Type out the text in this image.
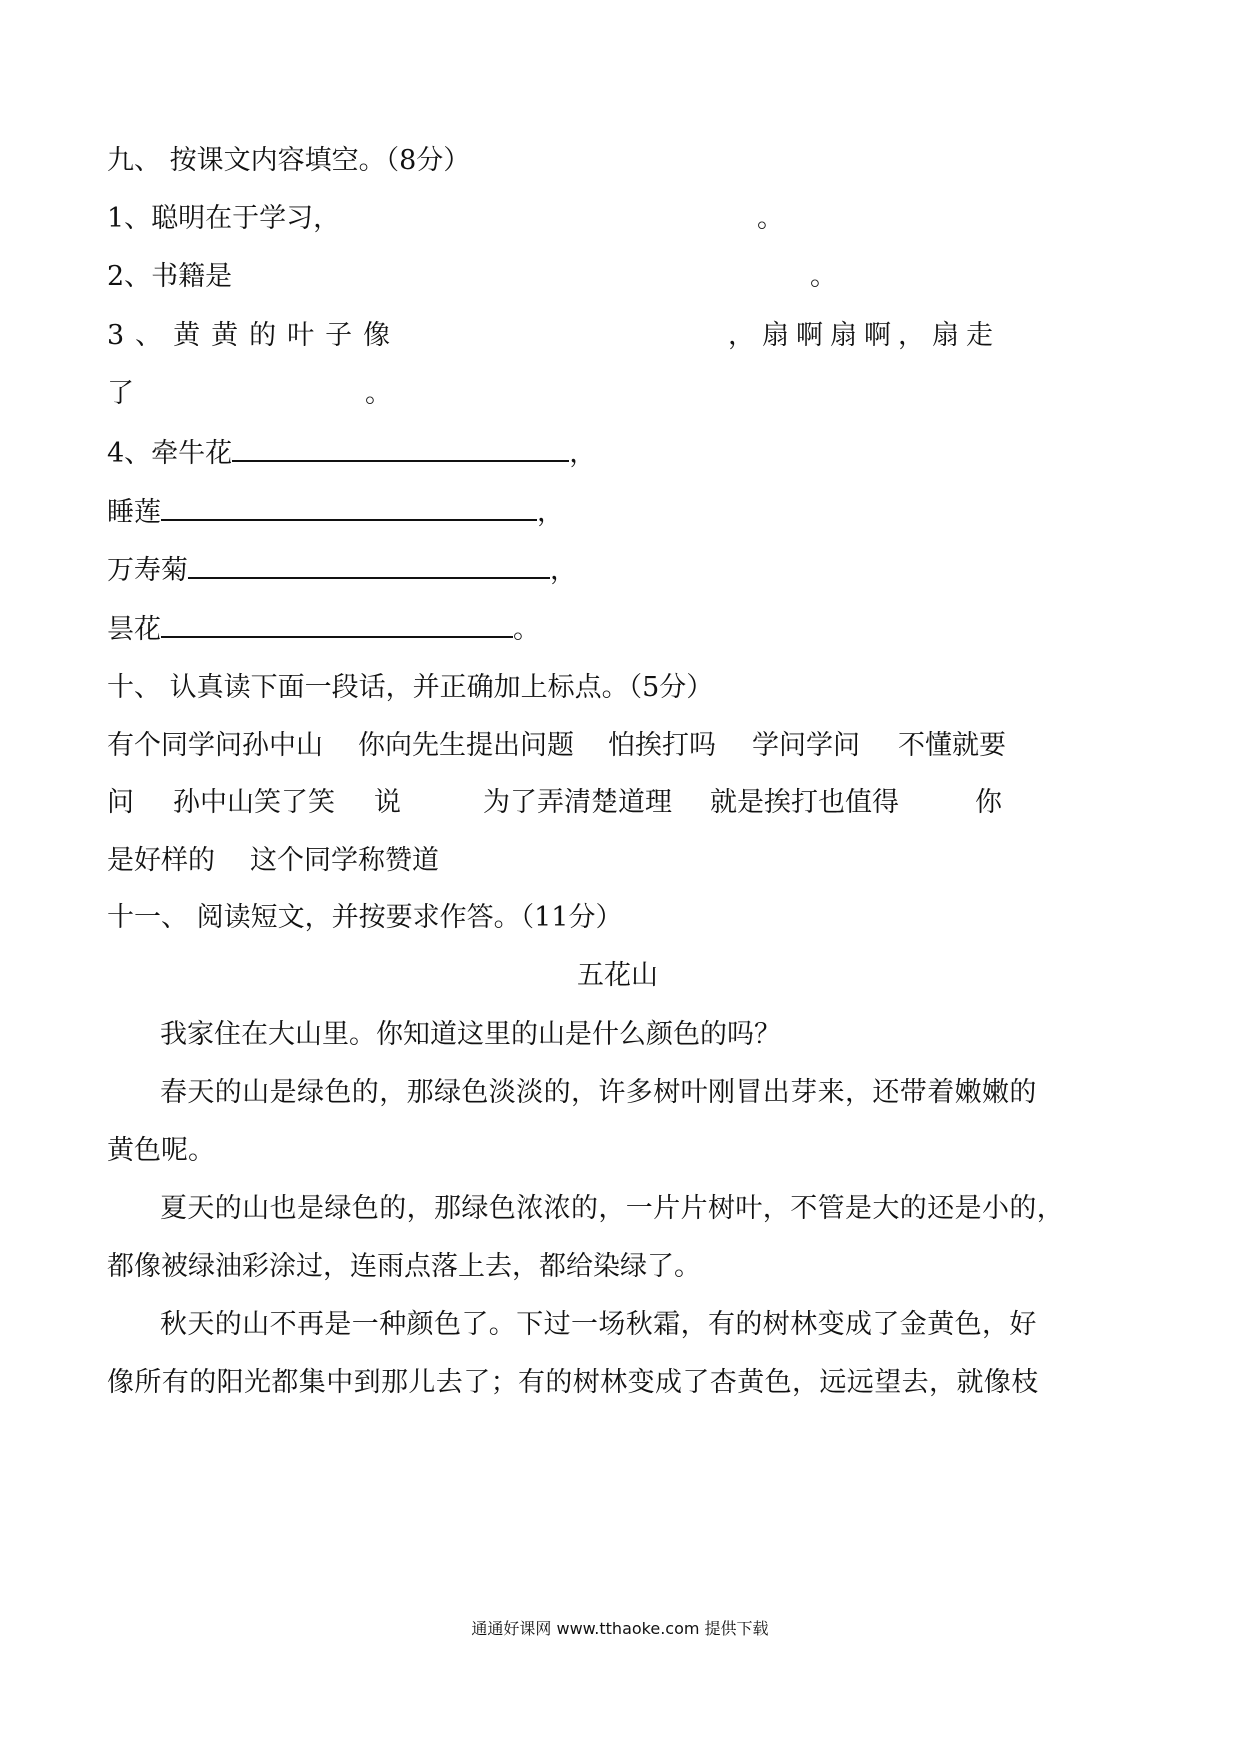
九、 按课文内容填空。（8分）
1、聪明在于学习，	。
2、书籍是	。
3、黄黄的叶子像	，扇啊扇啊，扇走
了	。
4、牵牛花	，
睡莲	，
万寿菊	，
昙花	。
十、 认真读下面一段话，并正确加上标点。（5分）
有个同学问孙中山 你向先生提出问题 怕挨打吗 学问学问 不懂就要
问 孙中山笑了笑 说	为了弄清楚道理 就是挨打也值得	你
是好样的 这个同学称赞道
十一、 阅读短文，并按要求作答。（11分）
五花山
我家住在大山里。你知道这里的山是什么颜色的吗？
春天的山是绿色的，那绿色淡淡的，许多树叶刚冒出芽来，还带着嫩嫩的
黄色呢。
夏天的山也是绿色的，那绿色浓浓的，一片片树叶，不管是大的还是小的，
都像被绿油彩涂过，连雨点落上去，都给染绿了。
秋天的山不再是一种颜色了。下过一场秋霜，有的树林变成了金黄色，好
像所有的阳光都集中到那儿去了；有的树林变成了杏黄色，远远望去，就像枝
通通好课网 www.tthaoke.com 提供下载
